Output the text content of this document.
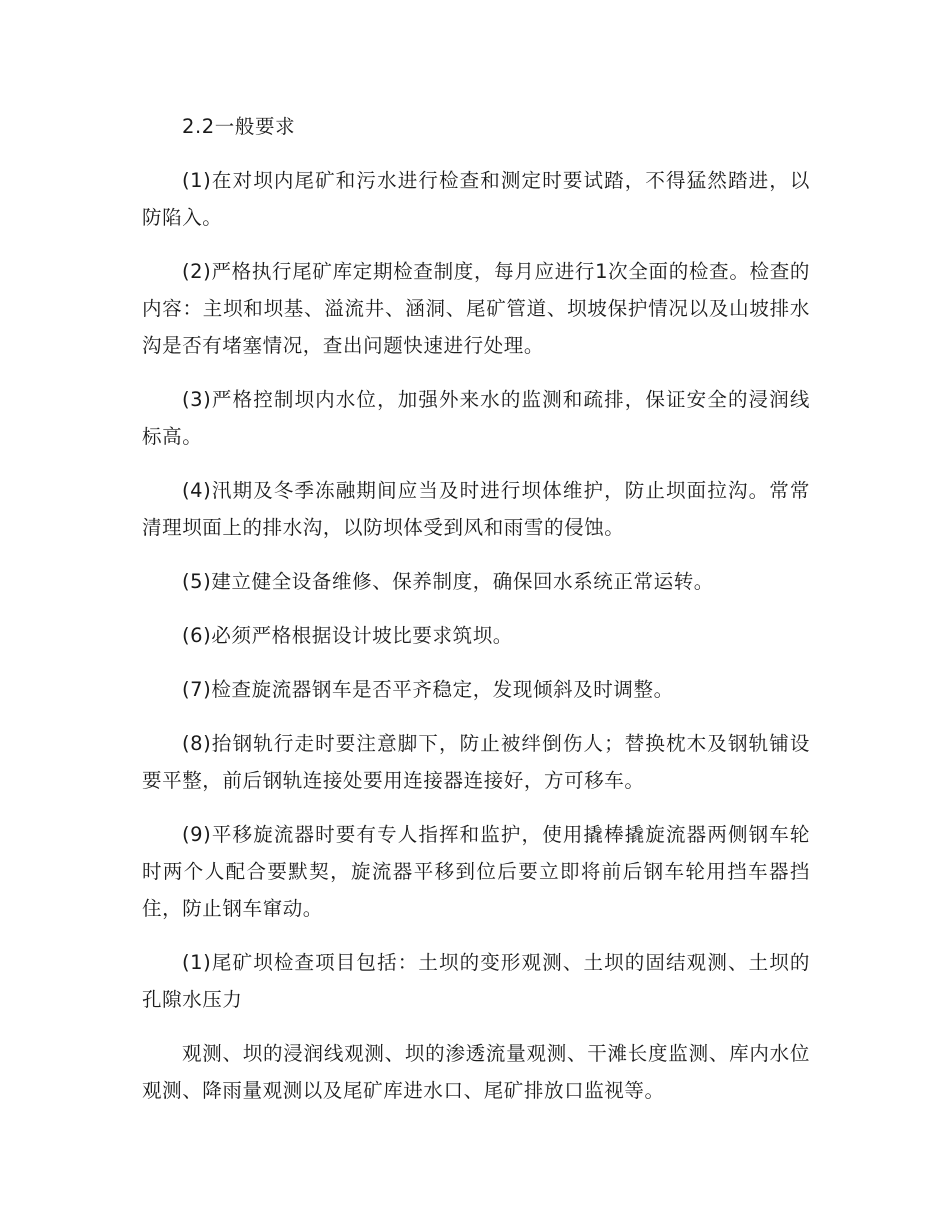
2.2一般要求

(1)在对坝内尾矿和污水进行检查和测定时要试踏，不得猛然踏进，以防陷入。

(2)严格执行尾矿库定期检查制度，每月应进行1次全面的检查。检查的内容：主坝和坝基、溢流井、涵洞、尾矿管道、坝坡保护情况以及山坡排水沟是否有堵塞情况，查出问题快速进行处理。

(3)严格控制坝内水位，加强外来水的监测和疏排，保证安全的浸润线标高。

(4)汛期及冬季冻融期间应当及时进行坝体维护，防止坝面拉沟。常常清理坝面上的排水沟，以防坝体受到风和雨雪的侵蚀。

(5)建立健全设备维修、保养制度，确保回水系统正常运转。

(6)必须严格根据设计坡比要求筑坝。

(7)检查旋流器钢车是否平齐稳定，发现倾斜及时调整。

(8)抬钢轨行走时要注意脚下，防止被绊倒伤人；替换枕木及钢轨铺设要平整，前后钢轨连接处要用连接器连接好，方可移车。

(9)平移旋流器时要有专人指挥和监护，使用撬棒撬旋流器两侧钢车轮时两个人配合要默契，旋流器平移到位后要立即将前后钢车轮用挡车器挡住，防止钢车窜动。

(1)尾矿坝检查项目包括：土坝的变形观测、土坝的固结观测、土坝的孔隙水压力

观测、坝的浸润线观测、坝的渗透流量观测、干滩长度监测、库内水位观测、降雨量观测以及尾矿库进水口、尾矿排放口监视等。
